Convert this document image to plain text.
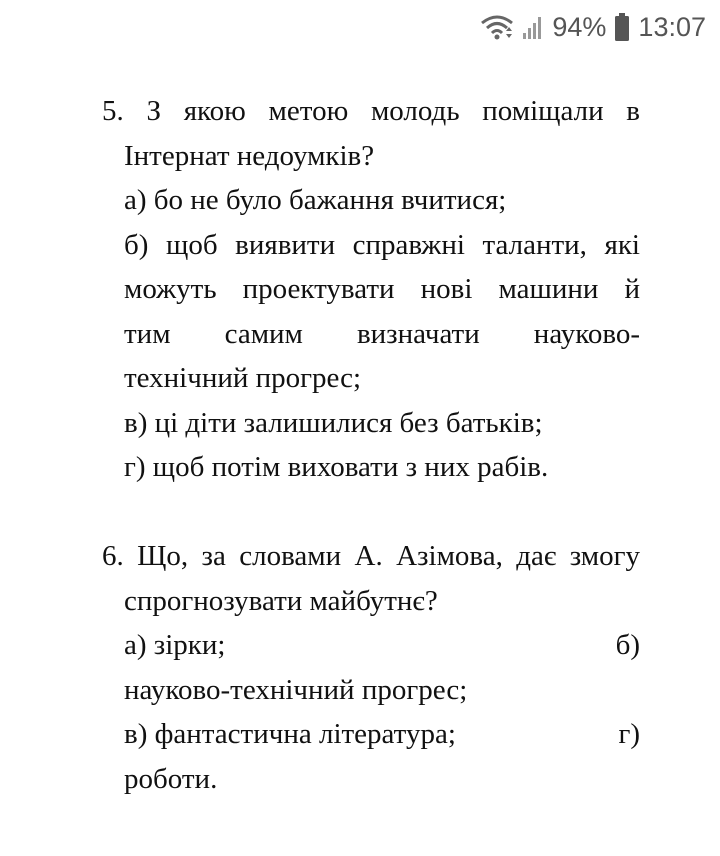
94% 13:07
5. З якою метою молодь поміщали в
Інтернат недоумків?
а) бо не було бажання вчитися;
б) щоб виявити справжні таланти, які
можуть проектувати нові машини й
тим самим визначати науково-
технічний прогрес;
в) ці діти залишилися без батьків;
г) щоб потім виховати з них рабів.
6. Що, за словами А. Азімова, дає змогу
спрогнозувати майбутнє?
а) зірки;	б)
науково-технічний прогрес;
в) фантастична література;	г)
роботи.
